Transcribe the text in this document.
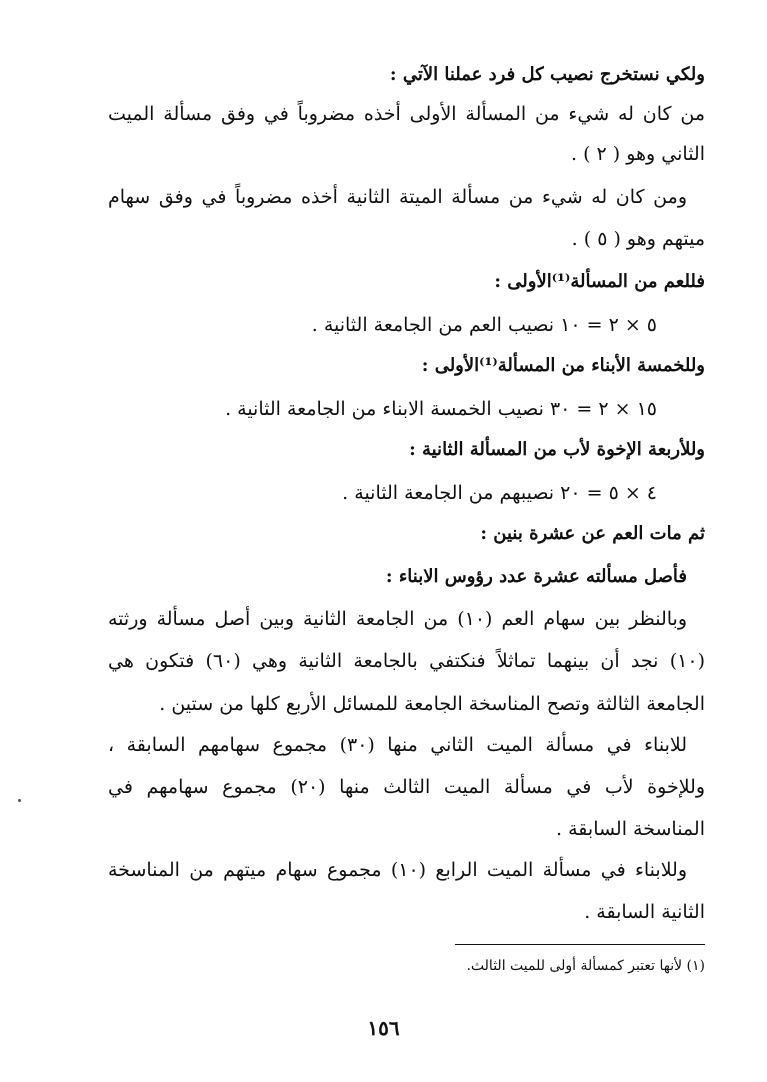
ولكي نستخرج نصيب كل فرد عملنا الآتي :
من كان له شيء من المسألة الأولى أخذه مضروباً في وفق مسألة الميت
الثاني وهو ( ٢ ) .
ومن كان له شيء من مسألة الميتة الثانية أخذه مضروباً في وفق سهام
ميتهم وهو ( ٥ ) .
فللعم من المسألة⁽¹⁾الأولى :
٥ × ٢ = ١٠ نصيب العم من الجامعة الثانية .
وللخمسة الأبناء من المسألة⁽¹⁾الأولى :
١٥ × ٢ = ٣٠ نصيب الخمسة الابناء من الجامعة الثانية .
وللأربعة الإخوة لأب من المسألة الثانية :
٤ × ٥ = ٢٠ نصيبهم من الجامعة الثانية .
ثم مات العم عن عشرة بنين :
فأصل مسألته عشرة عدد رؤوس الابناء :
وبالنظر بين سهام العم (١٠) من الجامعة الثانية وبين أصل مسألة ورثته
(١٠) نجد أن بينهما تماثلاً فنكتفي بالجامعة الثانية وهي (٦٠) فتكون هي
الجامعة الثالثة وتصح المناسخة الجامعة للمسائل الأربع كلها من ستين .
للابناء في مسألة الميت الثاني منها (٣٠) مجموع سهامهم السابقة ،
وللإخوة لأب في مسألة الميت الثالث منها (٢٠) مجموع سهامهم في
المناسخة السابقة .
وللابناء في مسألة الميت الرابع (١٠) مجموع سهام ميتهم من المناسخة
الثانية السابقة .
(١) لأنها تعتبر كمسألة أولى للميت الثالث.
١٥٦
